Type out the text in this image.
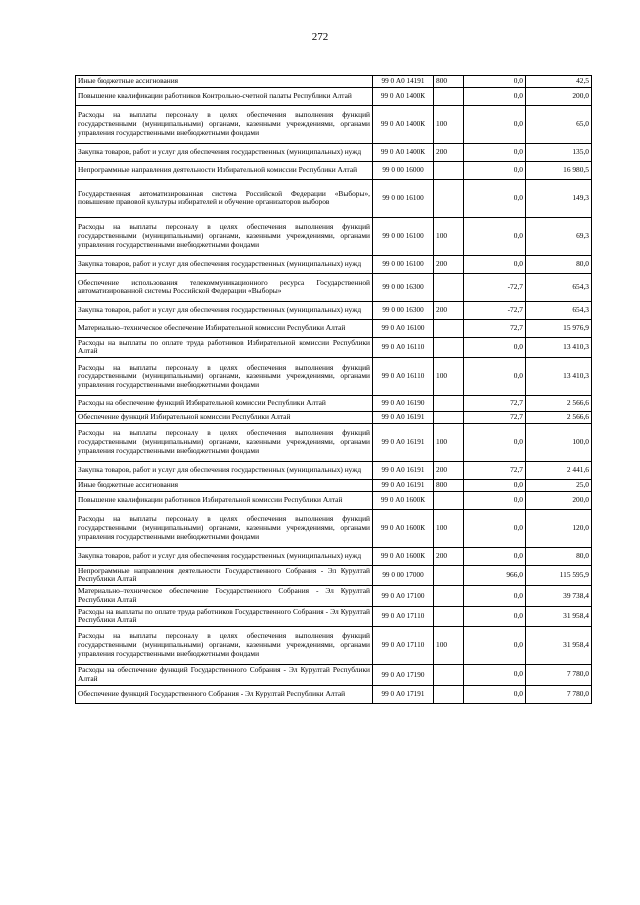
272
Иные бюджетные ассигнования	99 0 А0 14191	800	0,0	42,5
Повышение квалификации работников Контрольно-счетной палаты Республики Алтай	99 0 А0 1400К		0,0	200,0
Расходы на выплаты персоналу в целях обеспечения выполнения функций государственными (муниципальными) органами, казенными учреждениями, органами управления государственными внебюджетными фондами	99 0 А0 1400К	100	0,0	65,0
Закупка товаров, работ и услуг для обеспечения государственных (муниципальных) нужд	99 0 А0 1400К	200	0,0	135,0
Непрограммные направления деятельности Избирательной комиссии Республики Алтай	99 0 00 16000		0,0	16 980,5
Государственная автоматизированная система Российской Федерации «Выборы», повышение правовой культуры избирателей и обучение организаторов выборов	99 0 00 16100		0,0	149,3
Расходы на выплаты персоналу в целях обеспечения выполнения функций государственными (муниципальными) органами, казенными учреждениями, органами управления государственными внебюджетными фондами	99 0 00 16100	100	0,0	69,3
Закупка товаров, работ и услуг для обеспечения государственных (муниципальных) нужд	99 0 00 16100	200	0,0	80,0
Обеспечение использования телекоммуникационного ресурса Государственной автоматизированной системы Российской Федерации «Выборы»	99 0 00 16300		-72,7	654,3
Закупка товаров, работ и услуг для обеспечения государственных (муниципальных) нужд	99 0 00 16300	200	-72,7	654,3
Материально–техническое обеспечение Избирательной комиссии Республики Алтай	99 0 А0 16100		72,7	15 976,9
Расходы на выплаты по оплате труда работников Избирательной комиссии Республики Алтай	99 0 А0 16110		0,0	13 410,3
Расходы на выплаты персоналу в целях обеспечения выполнения функций государственными (муниципальными) органами, казенными учреждениями, органами управления государственными внебюджетными фондами	99 0 А0 16110	100	0,0	13 410,3
Расходы на обеспечение функций Избирательной комиссии Республики Алтай	99 0 А0 16190		72,7	2 566,6
Обеспечение функций Избирательной комиссии Республики Алтай	99 0 А0 16191		72,7	2 566,6
Расходы на выплаты персоналу в целях обеспечения выполнения функций государственными (муниципальными) органами, казенными учреждениями, органами управления государственными внебюджетными фондами	99 0 А0 16191	100	0,0	100,0
Закупка товаров, работ и услуг для обеспечения государственных (муниципальных) нужд	99 0 А0 16191	200	72,7	2 441,6
Иные бюджетные ассигнования	99 0 А0 16191	800	0,0	25,0
Повышение квалификации работников Избирательной комиссии Республики Алтай	99 0 А0 1600К		0,0	200,0
Расходы на выплаты персоналу в целях обеспечения выполнения функций государственными (муниципальными) органами, казенными учреждениями, органами управления государственными внебюджетными фондами	99 0 А0 1600К	100	0,0	120,0
Закупка товаров, работ и услуг для обеспечения государственных (муниципальных) нужд	99 0 А0 1600К	200	0,0	80,0
Непрограммные направления деятельности Государственного Собрания - Эл Курултай Республики Алтай	99 0 00 17000		966,0	115 595,9
Материально–техническое обеспечение Государственного Собрания - Эл Курултай Республики Алтай	99 0 А0 17100		0,0	39 738,4
Расходы на выплаты по оплате труда работников Государственного Собрания - Эл Курултай Республики Алтай	99 0 А0 17110		0,0	31 958,4
Расходы на выплаты персоналу в целях обеспечения выполнения функций государственными (муниципальными) органами, казенными учреждениями, органами управления государственными внебюджетными фондами	99 0 А0 17110	100	0,0	31 958,4
Расходы на обеспечение функций Государственного Собрания - Эл Курултай Республики Алтай	99 0 А0 17190		0,0	7 780,0
Обеспечение функций Государственного Собрания - Эл Курултай Республики Алтай	99 0 А0 17191		0,0	7 780,0
